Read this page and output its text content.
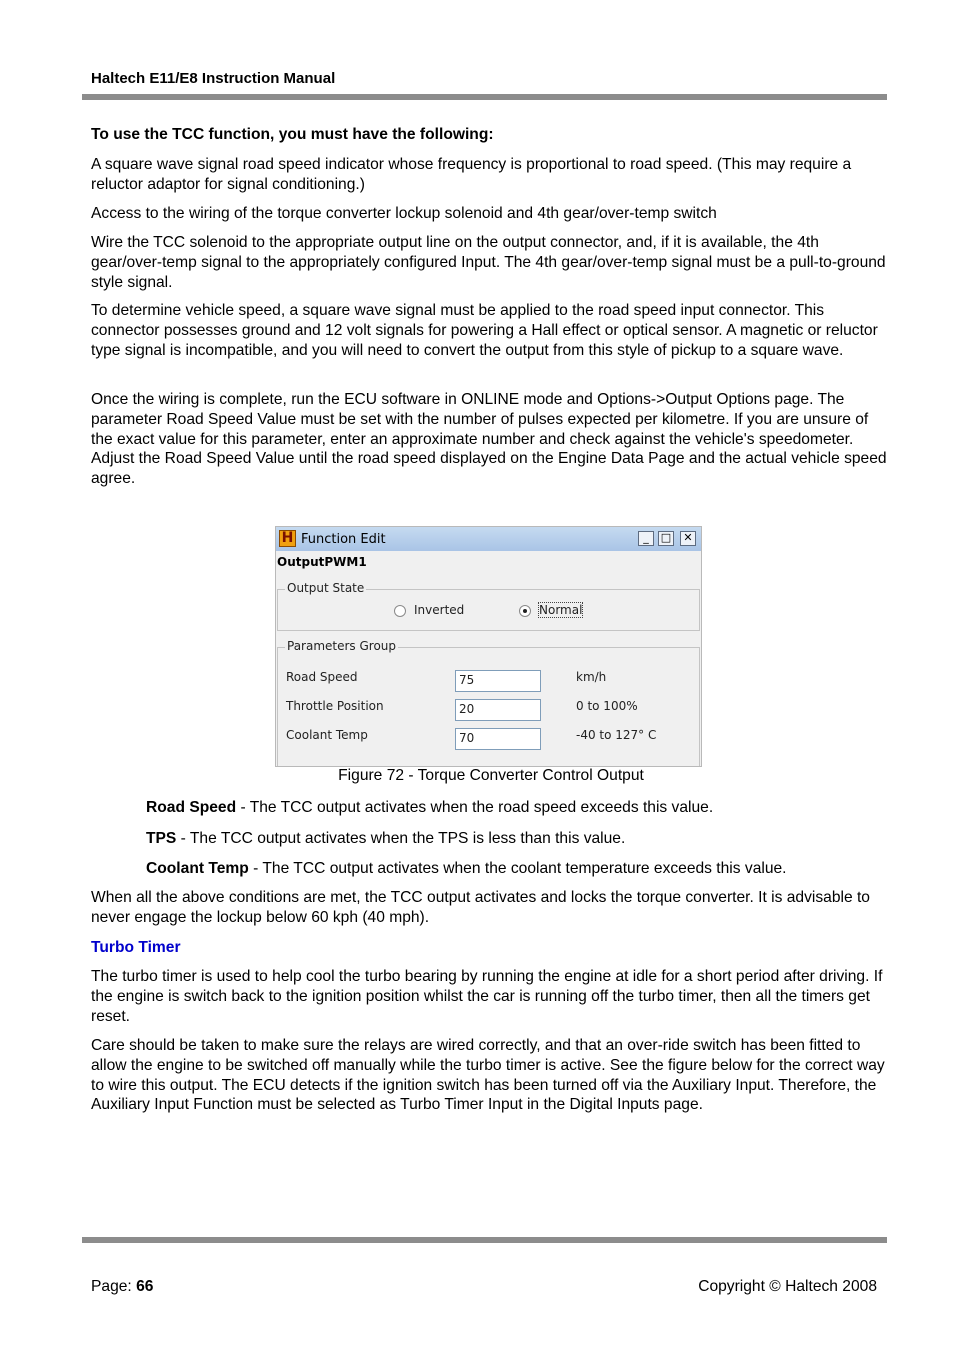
Haltech E11/E8 Instruction Manual
To use the TCC function, you must have the following:

A square wave signal road speed indicator whose frequency is proportional to road speed. (This may require a reluctor adaptor for signal conditioning.)

Access to the wiring of the torque converter lockup solenoid and 4th gear/over-temp switch

Wire the TCC solenoid to the appropriate output line on the output connector, and, if it is available, the 4th gear/over-temp signal to the appropriately configured Input. The 4th gear/over-temp signal must be a pull-to-ground style signal.

To determine vehicle speed, a square wave signal must be applied to the road speed input connector. This connector possesses ground and 12 volt signals for powering a Hall effect or optical sensor. A magnetic or reluctor type signal is incompatible, and you will need to convert the output from this style of pickup to a square wave.

Once the wiring is complete, run the ECU software in ONLINE mode and Options->Output Options page. The parameter Road Speed Value must be set with the number of pulses expected per kilometre. If you are unsure of the exact value for this parameter, enter an approximate number and check against the vehicle's speedometer. Adjust the Road Speed Value until the road speed displayed on the Engine Data Page and the actual vehicle speed agree.

H Function Edit	_	□	✕
OutputPWM1
Output State
Inverted	Normal
Parameters Group
Road Speed	75	km/h
Throttle Position	20	0 to 100%
Coolant Temp	70	-40 to 127° C
Figure 72 - Torque Converter Control Output
Road Speed - The TCC output activates when the road speed exceeds this value.
TPS - The TCC output activates when the TPS is less than this value.
Coolant Temp - The TCC output activates when the coolant temperature exceeds this value.

When all the above conditions are met, the TCC output activates and locks the torque converter. It is advisable to never engage the lockup below 60 kph (40 mph).

Turbo Timer

The turbo timer is used to help cool the turbo bearing by running the engine at idle for a short period after driving. If the engine is switch back to the ignition position whilst the car is running off the turbo timer, then all the timers get reset.

Care should be taken to make sure the relays are wired correctly, and that an over-ride switch has been fitted to allow the engine to be switched off manually while the turbo timer is active. See the figure below for the correct way to wire this output. The ECU detects if the ignition switch has been turned off via the Auxiliary Input. Therefore, the Auxiliary Input Function must be selected as Turbo Timer Input in the Digital Inputs page.

Page: 66	Copyright © Haltech 2008
